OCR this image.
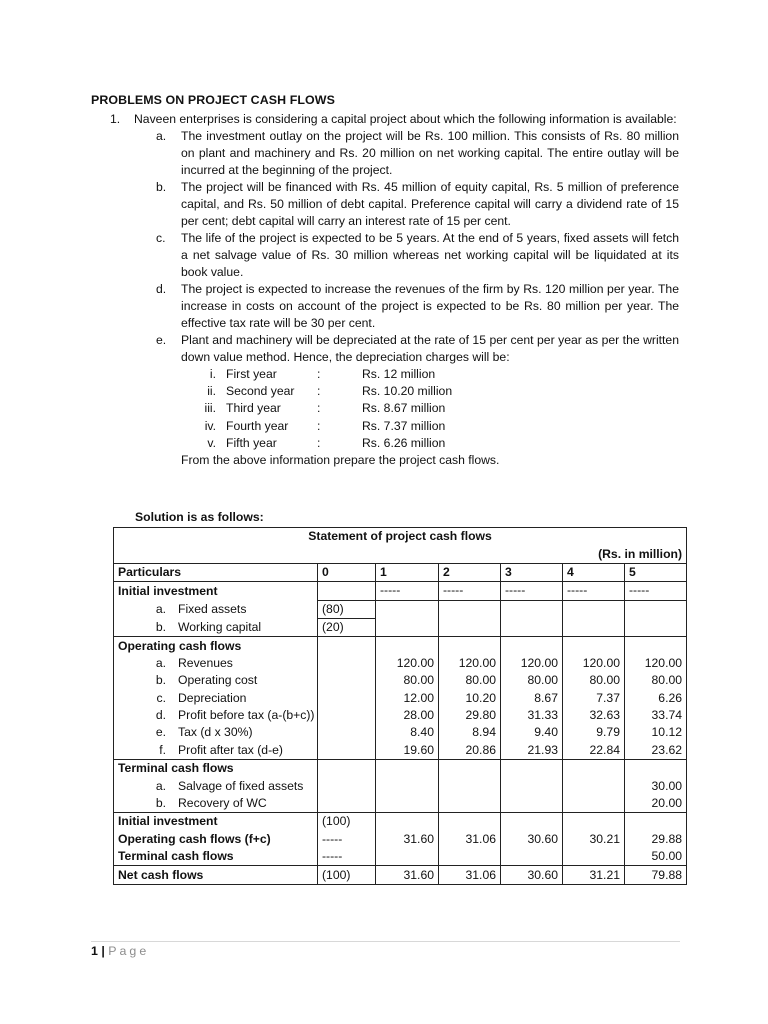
PROBLEMS ON PROJECT CASH FLOWS
1. Naveen enterprises is considering a capital project about which the following information is available:
a. The investment outlay on the project will be Rs. 100 million. This consists of Rs. 80 million on plant and machinery and Rs. 20 million on net working capital. The entire outlay will be incurred at the beginning of the project.
b. The project will be financed with Rs. 45 million of equity capital, Rs. 5 million of preference capital, and Rs. 50 million of debt capital. Preference capital will carry a dividend rate of 15 per cent; debt capital will carry an interest rate of 15 per cent.
c. The life of the project is expected to be 5 years. At the end of 5 years, fixed assets will fetch a net salvage value of Rs. 30 million whereas net working capital will be liquidated at its book value.
d. The project is expected to increase the revenues of the firm by Rs. 120 million per year. The increase in costs on account of the project is expected to be Rs. 80 million per year. The effective tax rate will be 30 per cent.
e. Plant and machinery will be depreciated at the rate of 15 per cent per year as per the written down value method. Hence, the depreciation charges will be:
i. First year	:	Rs. 12 million
ii. Second year :	Rs. 10.20 million
iii. Third year	:	Rs. 8.67 million
iv. Fourth year :	Rs. 7.37 million
v. Fifth year	:	Rs. 6.26 million
From the above information prepare the project cash flows.
Solution is as follows:
Statement of project cash flows						
(Rs. in million)						
Particulars	0	1	2	3	4	5
Initial investment		-----	-----	-----	-----	-----
a. Fixed assets	(80)					
b. Working capital	(20)					
Operating cash flows						
a. Revenues		120.00	120.00	120.00	120.00	120.00
b. Operating cost		80.00	80.00	80.00	80.00	80.00
c. Depreciation		12.00	10.20	8.67	7.37	6.26
d. Profit before tax (a-(b+c))		28.00	29.80	31.33	32.63	33.74
e. Tax (d x 30%)		8.40	8.94	9.40	9.79	10.12
f. Profit after tax (d-e)		19.60	20.86	21.93	22.84	23.62
Terminal cash flows						
a. Salvage of fixed assets						30.00
b. Recovery of WC						20.00
Initial investment	(100)					
Operating cash flows (f+c)	-----	31.60	31.06	30.60	30.21	29.88
Terminal cash flows	-----					50.00
Net cash flows	(100)	31.60	31.06	30.60	31.21	79.88
1 | Page
